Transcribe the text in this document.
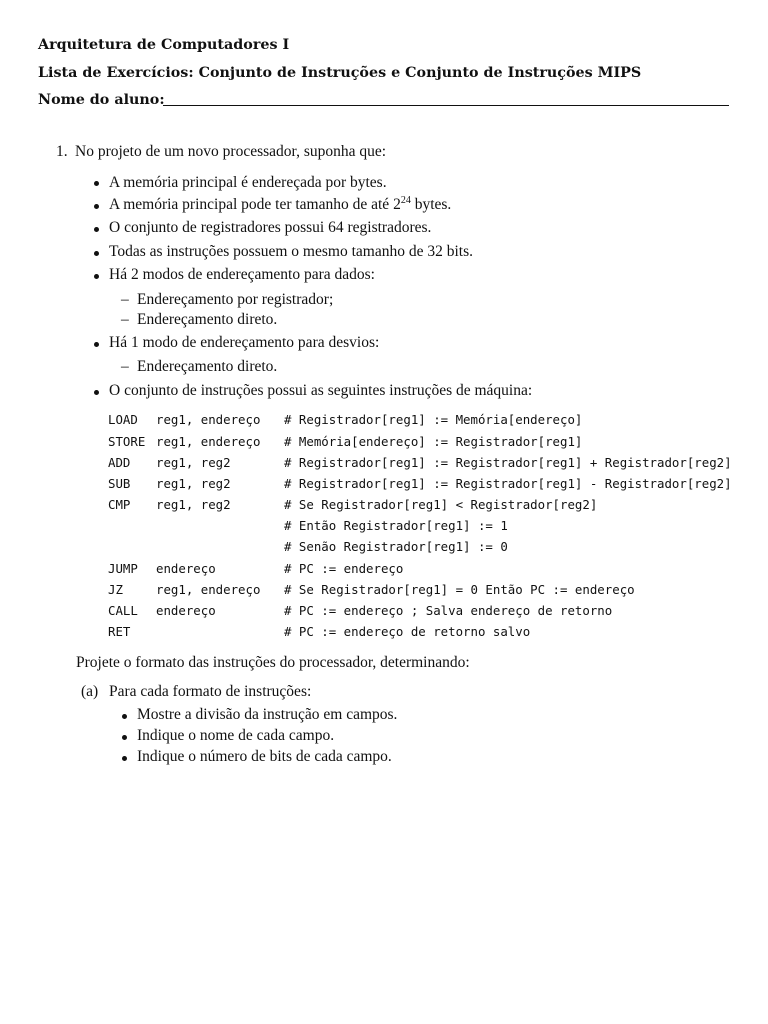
Arquitetura de Computadores I
Lista de Exercícios: Conjunto de Instruções e Conjunto de Instruções MIPS
Nome do aluno:
1. No projeto de um novo processador, suponha que:
A memória principal é endereçada por bytes.
A memória principal pode ter tamanho de até $2^{24}$ bytes.
O conjunto de registradores possui 64 registradores.
Todas as instruções possuem o mesmo tamanho de 32 bits.
Há 2 modos de endereçamento para dados:
– Endereçamento por registrador;
– Endereçamento direto.
Há 1 modo de endereçamento para desvios:
– Endereçamento direto.
O conjunto de instruções possui as seguintes instruções de máquina:
LOAD reg1, endereço # Registrador[reg1] := Memória[endereço]
STORE reg1, endereço # Memória[endereço] := Registrador[reg1]
ADD reg1, reg2	# Registrador[reg1] := Registrador[reg1] + Registrador[reg2]
SUB reg1, reg2	# Registrador[reg1] := Registrador[reg1] - Registrador[reg2]
CMP reg1, reg2	# Se Registrador[reg1] < Registrador[reg2]
# Então Registrador[reg1] := 1
# Senão Registrador[reg1] := 0
JUMP endereço	# PC := endereço
JZ	reg1, endereço # Se Registrador[reg1] = 0 Então PC := endereço
CALL endereço	# PC := endereço ; Salva endereço de retorno
RET	# PC := endereço de retorno salvo
Projete o formato das instruções do processador, determinando:
(a) Para cada formato de instruções:
Mostre a divisão da instrução em campos.
Indique o nome de cada campo.
Indique o número de bits de cada campo.
